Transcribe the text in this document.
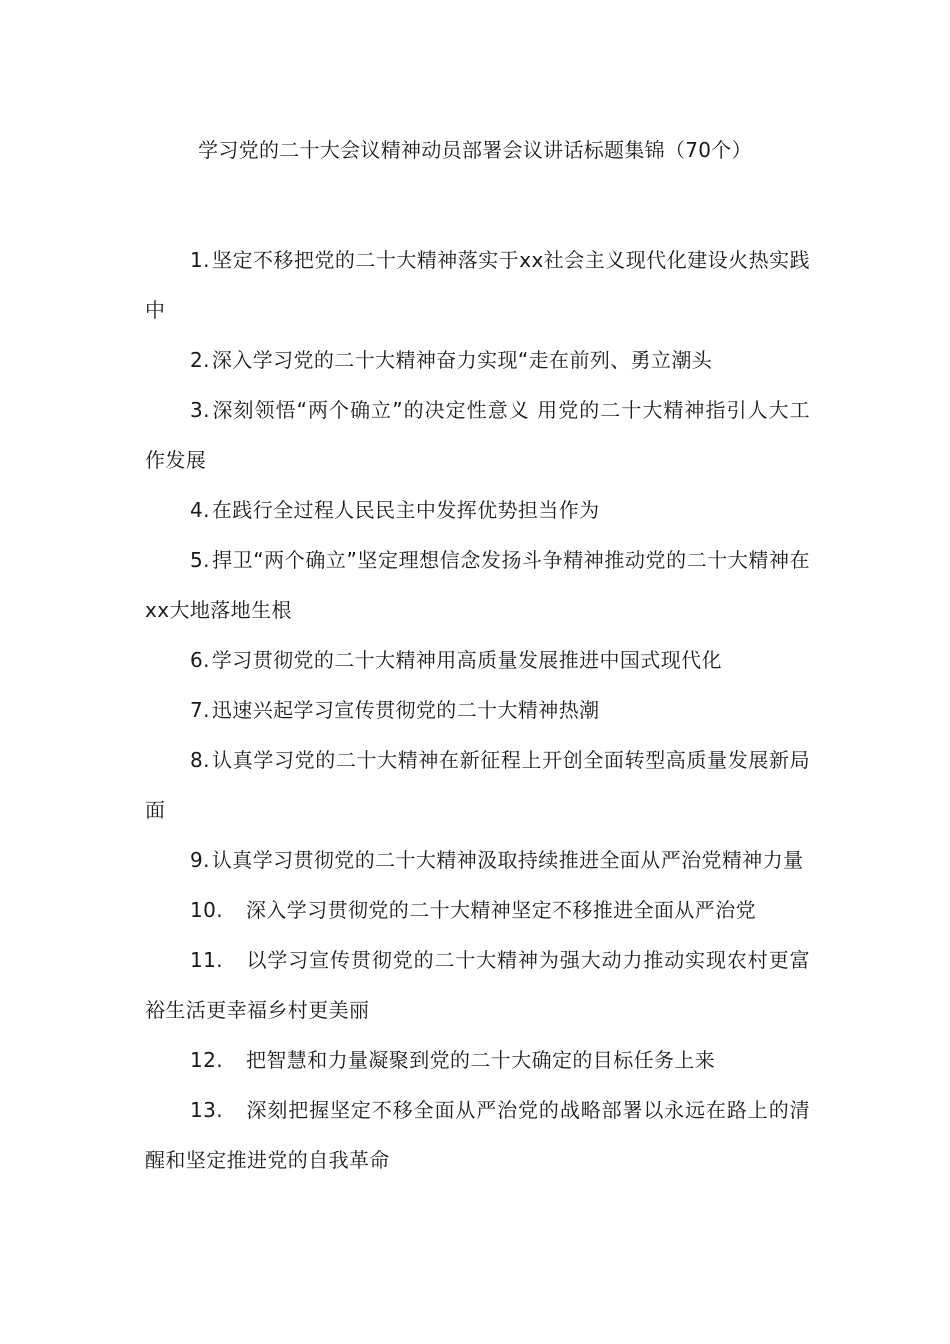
学习党的二十大会议精神动员部署会议讲话标题集锦（70个）

1. 坚定不移把党的二十大精神落实于xx社会主义现代化建设火热实践中

2. 深入学习党的二十大精神奋力实现“走在前列、勇立潮头

3. 深刻领悟“两个确立”的决定性意义 用党的二十大精神指引人大工作发展

4. 在践行全过程人民民主中发挥优势担当作为

5. 捍卫“两个确立”坚定理想信念发扬斗争精神推动党的二十大精神在xx大地落地生根

6. 学习贯彻党的二十大精神用高质量发展推进中国式现代化

7. 迅速兴起学习宣传贯彻党的二十大精神热潮

8. 认真学习党的二十大精神在新征程上开创全面转型高质量发展新局面

9. 认真学习贯彻党的二十大精神汲取持续推进全面从严治党精神力量

10. 深入学习贯彻党的二十大精神坚定不移推进全面从严治党

11. 以学习宣传贯彻党的二十大精神为强大动力推动实现农村更富裕生活更幸福乡村更美丽

12. 把智慧和力量凝聚到党的二十大确定的目标任务上来

13. 深刻把握坚定不移全面从严治党的战略部署以永远在路上的清醒和坚定推进党的自我革命
